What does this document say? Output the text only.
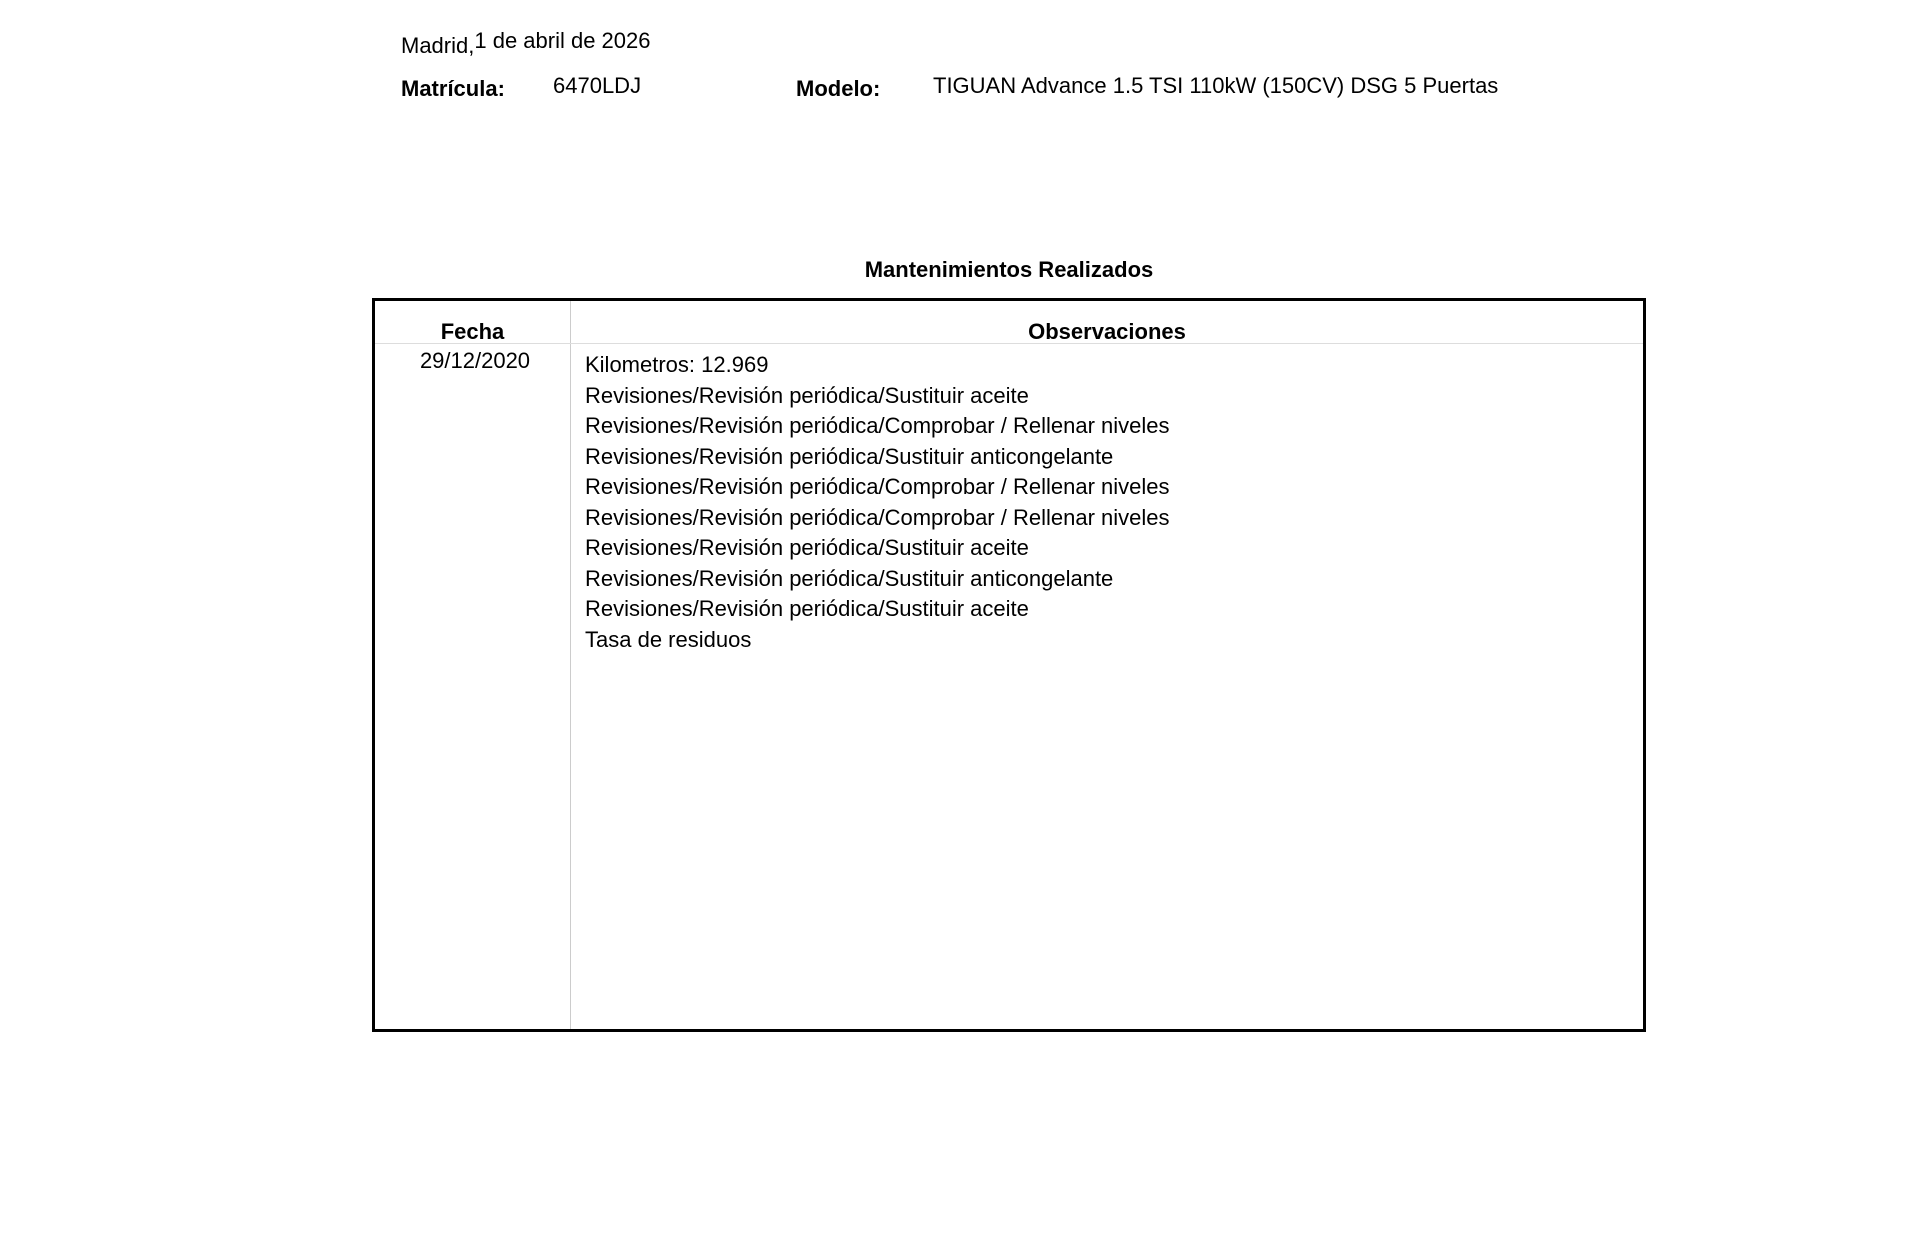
Madrid,1 de abril de 2026
Matrícula: 6470LDJ	Modelo: TIGUAN Advance 1.5 TSI 110kW (150CV) DSG 5 Puertas
Mantenimientos Realizados
Fecha	Observaciones
29/12/2020	Kilometros: 12.969
Revisiones/Revisión periódica/Sustituir aceite
Revisiones/Revisión periódica/Comprobar / Rellenar niveles
Revisiones/Revisión periódica/Sustituir anticongelante
Revisiones/Revisión periódica/Comprobar / Rellenar niveles
Revisiones/Revisión periódica/Comprobar / Rellenar niveles
Revisiones/Revisión periódica/Sustituir aceite
Revisiones/Revisión periódica/Sustituir anticongelante
Revisiones/Revisión periódica/Sustituir aceite
Tasa de residuos
